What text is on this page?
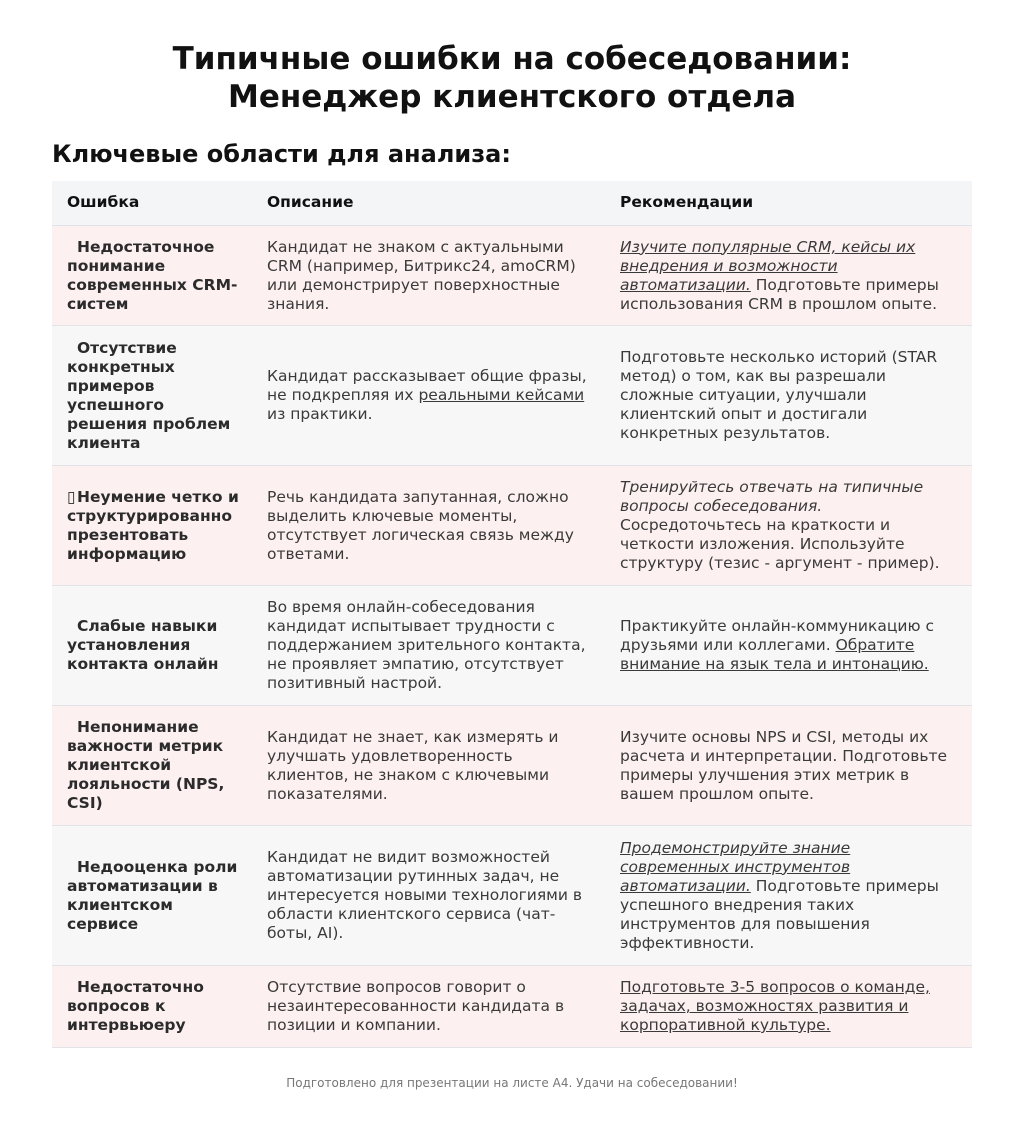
Типичные ошибки на собеседовании:
Менеджер клиентского отдела
Ключевые области для анализа:
Ошибка	Описание	Рекомендации
Недостаточное понимание современных CRM-систем	Кандидат не знаком с актуальными CRM (например, Битрикс24, amoCRM) или демонстрирует поверхностные знания.	Изучите популярные CRM, кейсы их внедрения и возможности автоматизации. Подготовьте примеры использования CRM в прошлом опыте.
Отсутствие конкретных примеров успешного решения проблем клиента	Кандидат рассказывает общие фразы, не подкрепляя их реальными кейсами из практики.	Подготовьте несколько историй (STAR метод) о том, как вы разрешали сложные ситуации, улучшали клиентский опыт и достигали конкретных результатов.
▯Неумение четко и структурированно презентовать информацию	Речь кандидата запутанная, сложно выделить ключевые моменты, отсутствует логическая связь между ответами.	Тренируйтесь отвечать на типичные вопросы собеседования. Сосредоточьтесь на краткости и четкости изложения. Используйте структуру (тезис - аргумент - пример).
Слабые навыки установления контакта онлайн	Во время онлайн-собеседования кандидат испытывает трудности с поддержанием зрительного контакта, не проявляет эмпатию, отсутствует позитивный настрой.	Практикуйте онлайн-коммуникацию с друзьями или коллегами. Обратите внимание на язык тела и интонацию.
Непонимание важности метрик клиентской лояльности (NPS, CSI)	Кандидат не знает, как измерять и улучшать удовлетворенность клиентов, не знаком с ключевыми показателями.	Изучите основы NPS и CSI, методы их расчета и интерпретации. Подготовьте примеры улучшения этих метрик в вашем прошлом опыте.
Недооценка роли автоматизации в клиентском сервисе	Кандидат не видит возможностей автоматизации рутинных задач, не интересуется новыми технологиями в области клиентского сервиса (чат-боты, AI).	Продемонстрируйте знание современных инструментов автоматизации. Подготовьте примеры успешного внедрения таких инструментов для повышения эффективности.
Недостаточно вопросов к интервьюеру	Отсутствие вопросов говорит о незаинтересованности кандидата в позиции и компании.	Подготовьте 3-5 вопросов о команде, задачах, возможностях развития и корпоративной культуре.
Подготовлено для презентации на листе А4. Удачи на собеседовании!
